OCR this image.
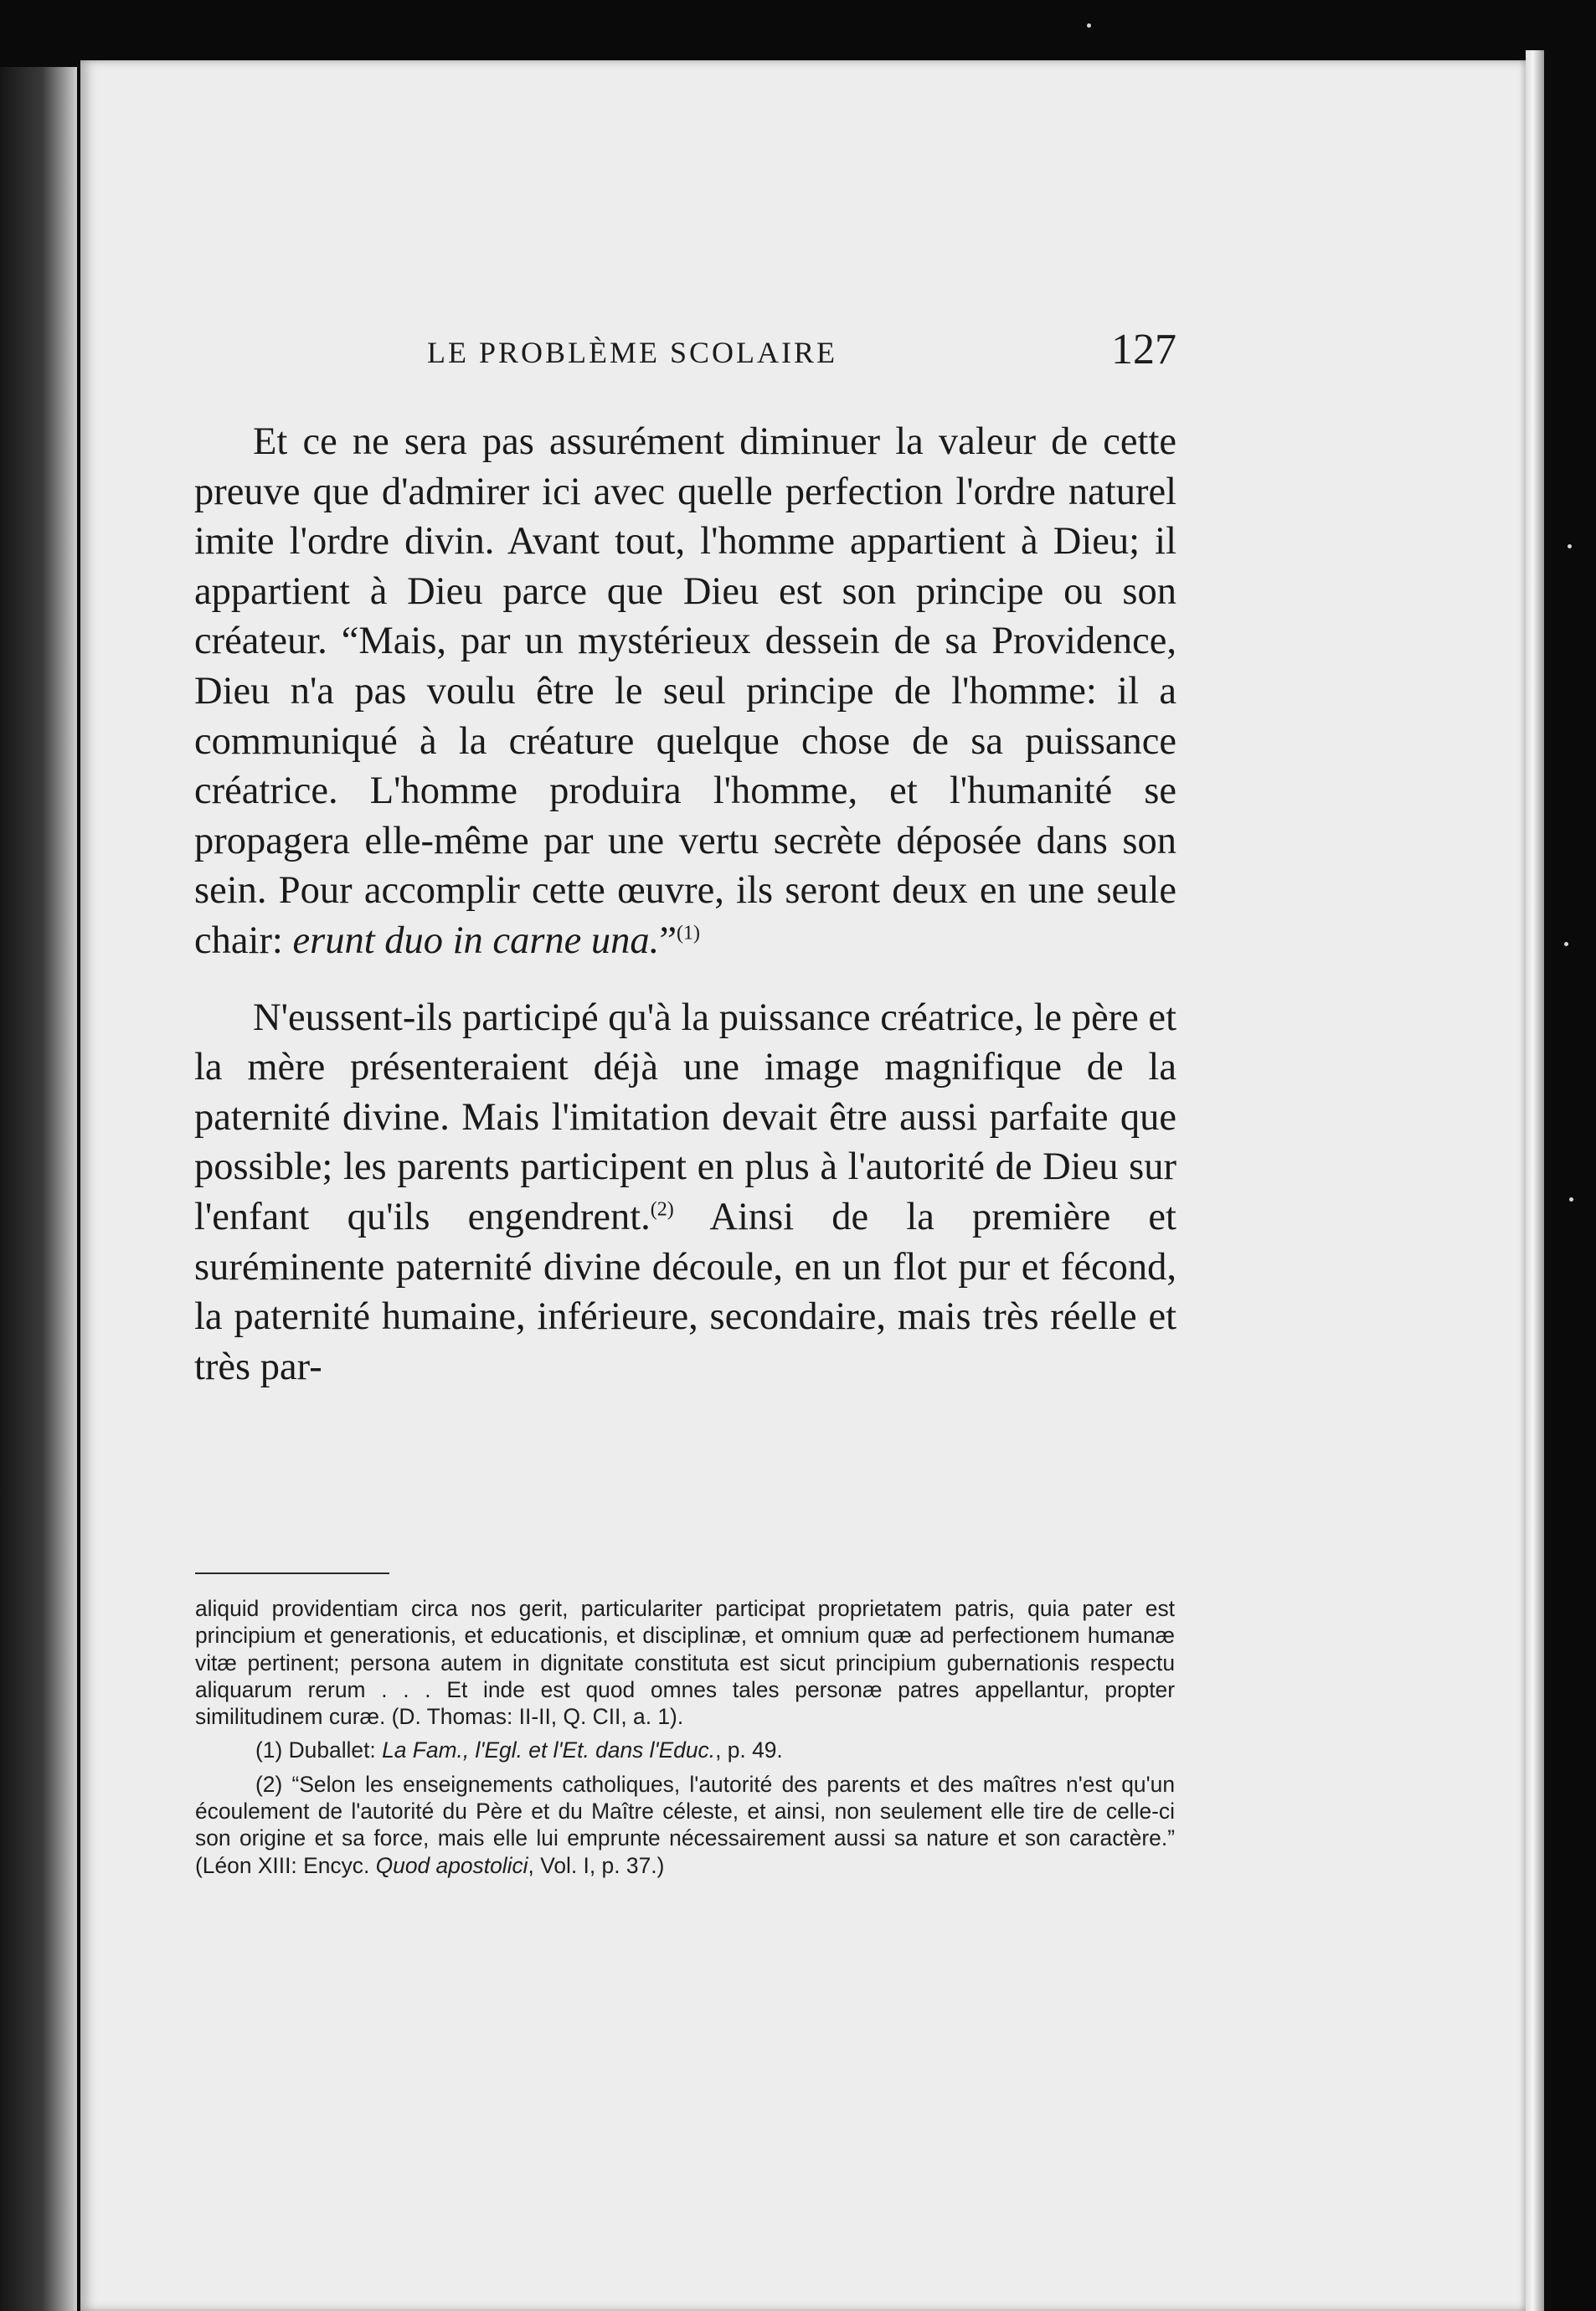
LE PROBLÈME SCOLAIRE	127

Et ce ne sera pas assurément diminuer la valeur de cette preuve que d'admirer ici avec quelle perfection l'ordre naturel imite l'ordre divin. Avant tout, l'homme appartient à Dieu; il appartient à Dieu parce que Dieu est son principe ou son créateur. “Mais, par un mystérieux dessein de sa Providence, Dieu n'a pas voulu être le seul principe de l'homme: il a communiqué à la créature quelque chose de sa puissance créatrice. L'homme produira l'homme, et l'humanité se propagera elle-même par une vertu secrète déposée dans son sein. Pour accomplir cette œuvre, ils seront deux en une seule chair: erunt duo in carne una.”$^{(1)}$

N'eussent-ils participé qu'à la puissance créatrice, le père et la mère présenteraient déjà une image magnifique de la paternité divine. Mais l'imitation devait être aussi parfaite que possible; les parents participent en plus à l'autorité de Dieu sur l'enfant qu'ils engendrent.$^{(2)}$ Ainsi de la première et suréminente paternité divine découle, en un flot pur et fécond, la paternité humaine, inférieure, secondaire, mais très réelle et très par-

aliquid providentiam circa nos gerit, particulariter participat proprietatem patris, quia pater est principium et generationis, et educationis, et disciplinæ, et omnium quæ ad perfectionem humanæ vitæ pertinent; persona autem in dignitate constituta est sicut principium gubernationis respectu aliquarum rerum . . . Et inde est quod omnes tales personæ patres appellantur, propter similitudinem curæ. (D. Thomas: II-II, Q. CII, a. 1).

(1) Duballet: La Fam., l'Egl. et l'Et. dans l'Educ., p. 49.

(2) “Selon les enseignements catholiques, l'autorité des parents et des maîtres n'est qu'un écoulement de l'autorité du Père et du Maître céleste, et ainsi, non seulement elle tire de celle-ci son origine et sa force, mais elle lui emprunte nécessairement aussi sa nature et son caractère.” (Léon XIII: Encyc. Quod apostolici, Vol. I, p. 37.)
